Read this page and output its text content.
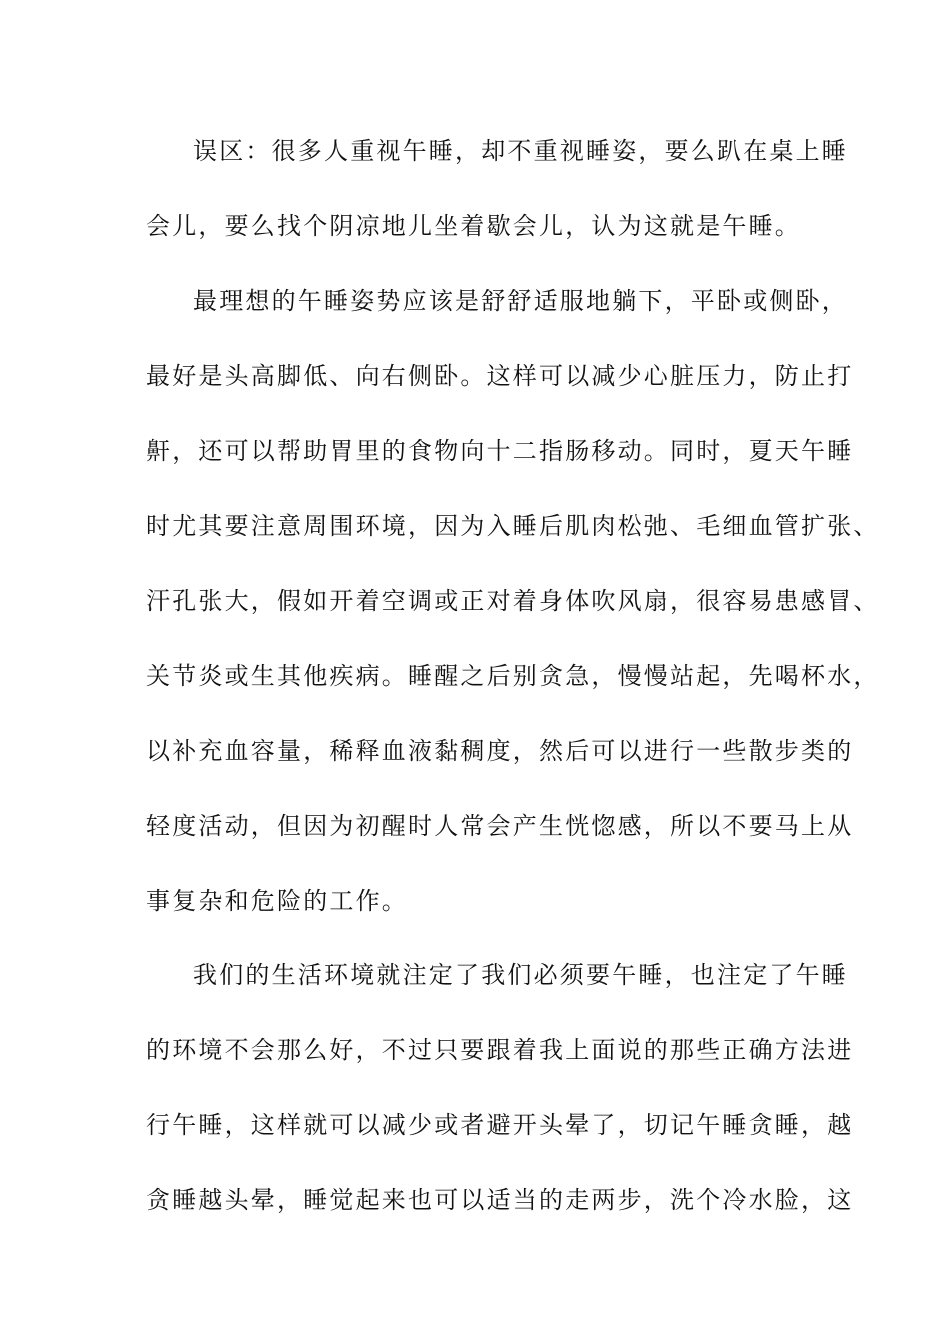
误区：很多人重视午睡，却不重视睡姿，要么趴在桌上睡
会儿，要么找个阴凉地儿坐着歇会儿，认为这就是午睡。
最理想的午睡姿势应该是舒舒适服地躺下，平卧或侧卧，
最好是头高脚低、向右侧卧。这样可以减少心脏压力，防止打
鼾，还可以帮助胃里的食物向十二指肠移动。同时，夏天午睡
时尤其要注意周围环境，因为入睡后肌肉松弛、毛细血管扩张、
汗孔张大，假如开着空调或正对着身体吹风扇，很容易患感冒、
关节炎或生其他疾病。睡醒之后别贪急，慢慢站起，先喝杯水，
以补充血容量，稀释血液黏稠度，然后可以进行一些散步类的
轻度活动，但因为初醒时人常会产生恍惚感，所以不要马上从
事复杂和危险的工作。
我们的生活环境就注定了我们必须要午睡，也注定了午睡
的环境不会那么好，不过只要跟着我上面说的那些正确方法进
行午睡，这样就可以减少或者避开头晕了，切记午睡贪睡，越
贪睡越头晕，睡觉起来也可以适当的走两步，洗个冷水脸，这
